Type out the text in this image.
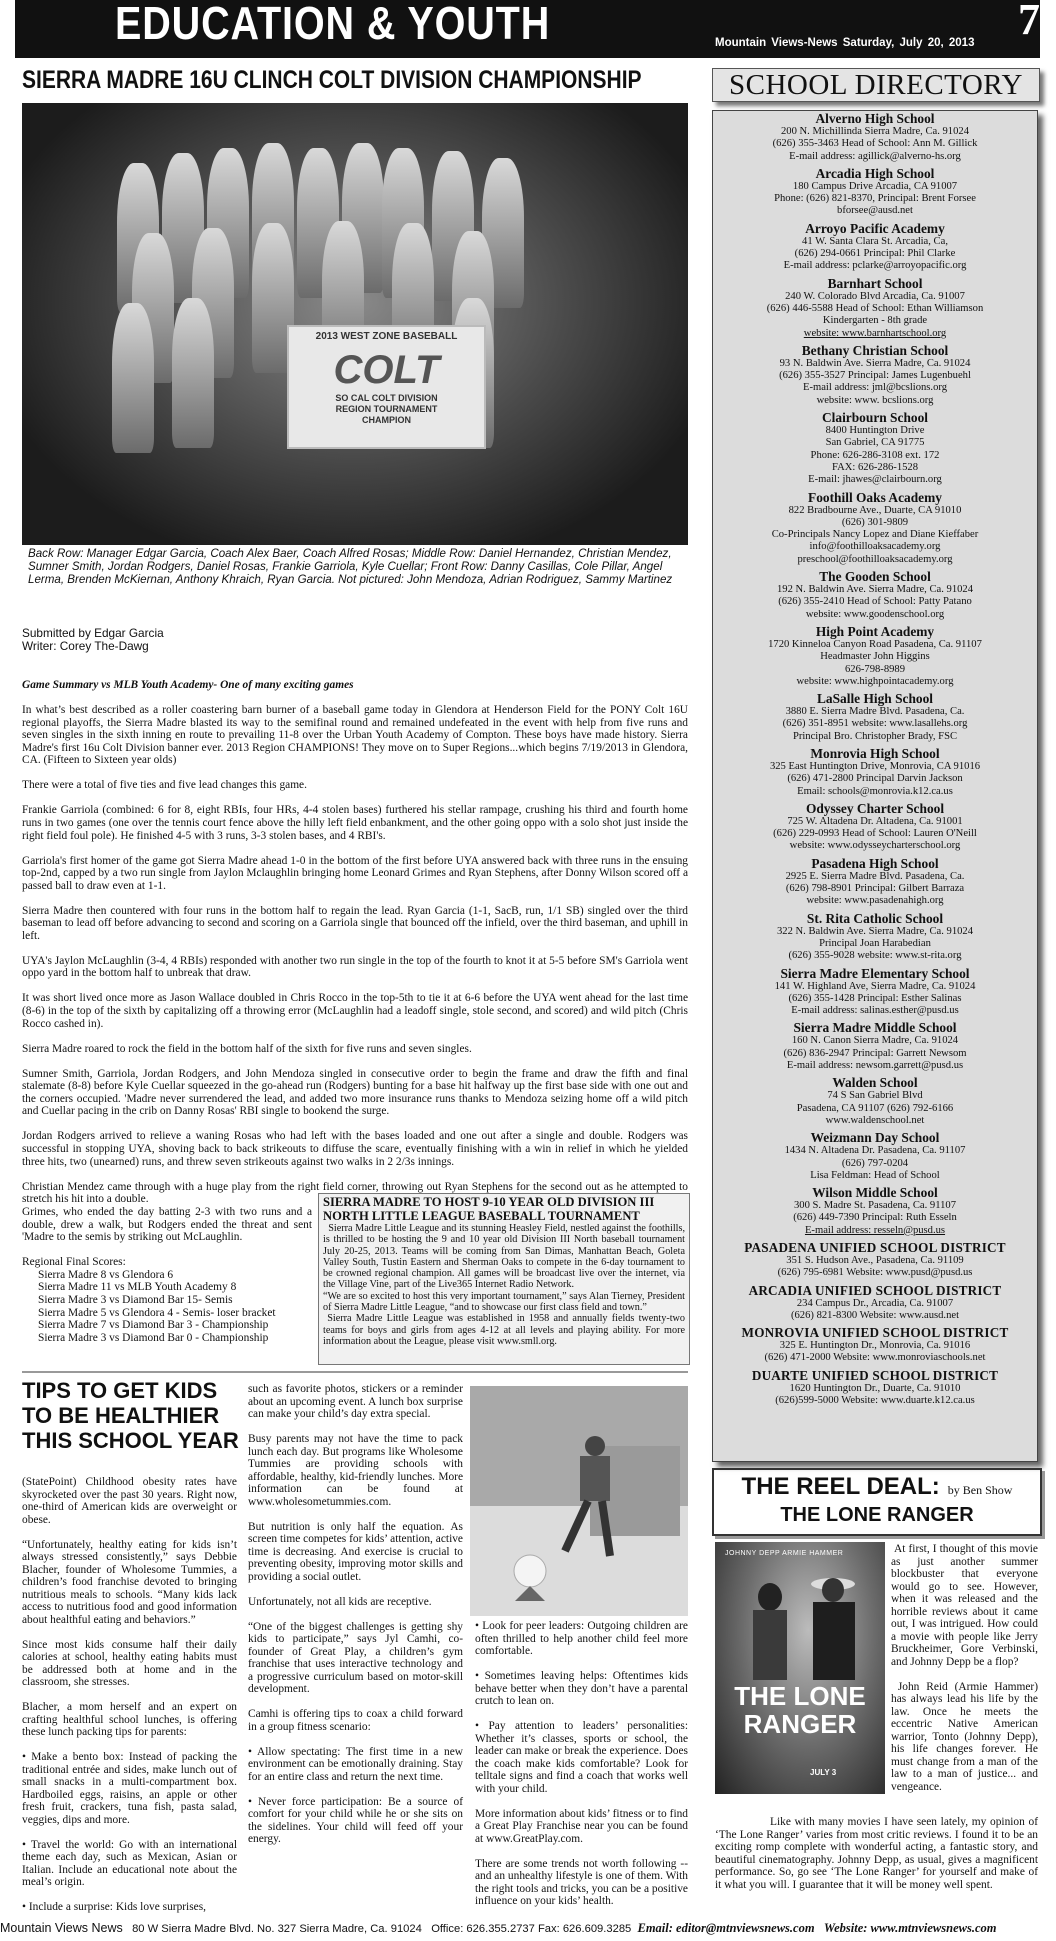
EDUCATION & YOUTH	Mountain Views-News Saturday, July 20, 2013 7
SIERRA MADRE 16U CLINCH COLT DIVISION CHAMPIONSHIP
2013 WEST ZONE BASEBALL
COLT
SO CAL COLT DIVISION
REGION TOURNAMENT
CHAMPION
Back Row: Manager Edgar Garcia, Coach Alex Baer, Coach Alfred Rosas; Middle Row: Daniel Hernandez, Christian Mendez, Sumner Smith, Jordan Rodgers, Daniel Rosas, Frankie Garriola, Kyle Cuellar; Front Row: Danny Casillas, Cole Pillar, Angel Lerma, Brenden McKiernan, Anthony Khraich, Ryan Garcia. Not pictured: John Mendoza, Adrian Rodriguez, Sammy Martinez
Submitted by Edgar Garcia
Writer: Corey The-Dawg

Game Summary vs MLB Youth Academy- One of many exciting games

In what’s best described as a roller coastering barn burner of a baseball game today in Glendora at Henderson Field for the PONY Colt 16U regional playoffs, the Sierra Madre blasted its way to the semifinal round and remained undefeated in the event with help from five runs and seven singles in the sixth inning en route to prevailing 11-8 over the Urban Youth Academy of Compton. These boys have made history. Sierra Madre's first 16u Colt Division banner ever. 2013 Region CHAMPIONS! They move on to Super Regions...which begins 7/19/2013 in Glendora, CA. (Fifteen to Sixteen year olds)

There were a total of five ties and five lead changes this game.

Frankie Garriola (combined: 6 for 8, eight RBIs, four HRs, 4-4 stolen bases) furthered his stellar rampage, crushing his third and fourth home runs in two games (one over the tennis court fence above the hilly left field enbankment, and the other going oppo with a solo shot just inside the right field foul pole). He finished 4-5 with 3 runs, 3-3 stolen bases, and 4 RBI's.

Garriola's first homer of the game got Sierra Madre ahead 1-0 in the bottom of the first before UYA answered back with three runs in the ensuing top-2nd, capped by a two run single from Jaylon Mclaughlin bringing home Leonard Grimes and Ryan Stephens, after Donny Wilson scored off a passed ball to draw even at 1-1.

Sierra Madre then countered with four runs in the bottom half to regain the lead. Ryan Garcia (1-1, SacB, run, 1/1 SB) singled over the third baseman to lead off before advancing to second and scoring on a Garriola single that bounced off the infield, over the third baseman, and uphill in left.

UYA's Jaylon McLaughlin (3-4, 4 RBIs) responded with another two run single in the top of the fourth to knot it at 5-5 before SM's Garriola went oppo yard in the bottom half to unbreak that draw.

It was short lived once more as Jason Wallace doubled in Chris Rocco in the top-5th to tie it at 6-6 before the UYA went ahead for the last time (8-6) in the top of the sixth by capitalizing off a throwing error (McLaughlin had a leadoff single, stole second, and scored) and wild pitch (Chris Rocco cashed in).

Sierra Madre roared to rock the field in the bottom half of the sixth for five runs and seven singles.

Sumner Smith, Garriola, Jordan Rodgers, and John Mendoza singled in consecutive order to begin the frame and draw the fifth and final stalemate (8-8) before Kyle Cuellar squeezed in the go-ahead run (Rodgers) bunting for a base hit halfway up the first base side with one out and the corners occupied. 'Madre never surrendered the lead, and added two more insurance runs thanks to Mendoza seizing home off a wild pitch and Cuellar pacing in the crib on Danny Rosas' RBI single to bookend the surge.

Jordan Rodgers arrived to relieve a waning Rosas who had left with the bases loaded and one out after a single and double. Rodgers was successful in stopping UYA, shoving back to back strikeouts to diffuse the scare, eventually finishing with a win in relief in which he yielded three hits, two (unearned) runs, and threw seven strikeouts against two walks in 2 2/3s innings.

Christian Mendez came through with a huge play from the right field corner, throwing out Ryan Stephens for the second out as he attempted to stretch his hit into a double.

Grimes, who ended the day batting 2-3 with two runs and a double, drew a walk, but Rodgers ended the threat and sent 'Madre to the semis by striking out McLaughlin.

Regional Final Scores:
Sierra Madre 8 vs Glendora 6
Sierra Madre 11 vs MLB Youth Academy 8
Sierra Madre 3 vs Diamond Bar 15- Semis
Sierra Madre 5 vs Glendora 4 - Semis- loser bracket
Sierra Madre 7 vs Diamond Bar 3 - Championship
Sierra Madre 3 vs Diamond Bar 0 - Championship
SIERRA MADRE TO HOST 9-10 YEAR OLD DIVISION III NORTH LITTLE LEAGUE BASEBALL TOURNAMENT

Sierra Madre Little League and its stunning Heasley Field, nestled against the foothills, is thrilled to be hosting the 9 and 10 year old Division III North baseball tournament July 20-25, 2013. Teams will be coming from San Dimas, Manhattan Beach, Goleta Valley South, Tustin Eastern and Sherman Oaks to compete in the 6-day tournament to be crowned regional champion. All games will be broadcast live over the internet, via the Village Vine, part of the Live365 Internet Radio Network.

“We are so excited to host this very important tournament,” says Alan Tierney, President of Sierra Madre Little League, “and to showcase our first class field and town.”

Sierra Madre Little League was established in 1958 and annually fields twenty-two teams for boys and girls from ages 4-12 at all levels and playing ability. For more information about the League, please visit www.smll.org.

SCHOOL DIRECTORY
Alverno High School
200 N. Michillinda Sierra Madre, Ca. 91024
(626) 355-3463 Head of School: Ann M. Gillick
E-mail address: agillick@alverno-hs.org
Arcadia High School
180 Campus Drive Arcadia, CA 91007
Phone: (626) 821-8370, Principal: Brent Forsee
bforsee@ausd.net
Arroyo Pacific Academy
41 W. Santa Clara St. Arcadia, Ca,
(626) 294-0661 Principal: Phil Clarke
E-mail address: pclarke@arroyopacific.org
Barnhart School
240 W. Colorado Blvd Arcadia, Ca. 91007
(626) 446-5588 Head of School: Ethan Williamson
Kindergarten - 8th grade
website: www.barnhartschool.org
Bethany Christian School
93 N. Baldwin Ave. Sierra Madre, Ca. 91024
(626) 355-3527 Principal: James Lugenbuehl
E-mail address: jml@bcslions.org
website: www. bcslions.org
Clairbourn School
8400 Huntington Drive
San Gabriel, CA 91775
Phone: 626-286-3108 ext. 172
FAX: 626-286-1528
E-mail: jhawes@clairbourn.org
Foothill Oaks Academy
822 Bradbourne Ave., Duarte, CA 91010
(626) 301-9809
Co-Principals Nancy Lopez and Diane Kieffaber
info@foothilloaksacademy.org
preschool@foothilloaksacademy.org
The Gooden School
192 N. Baldwin Ave. Sierra Madre, Ca. 91024
(626) 355-2410 Head of School: Patty Patano
website: www.goodenschool.org
High Point Academy
1720 Kinneloa Canyon Road Pasadena, Ca. 91107
Headmaster John Higgins
626-798-8989
website: www.highpointacademy.org
LaSalle High School
3880 E. Sierra Madre Blvd. Pasadena, Ca.
(626) 351-8951 website: www.lasallehs.org
Principal Bro. Christopher Brady, FSC
Monrovia High School
325 East Huntington Drive, Monrovia, CA 91016
(626) 471-2800 Principal Darvin Jackson
Email: schools@monrovia.k12.ca.us
Odyssey Charter School
725 W. Altadena Dr. Altadena, Ca. 91001
(626) 229-0993 Head of School: Lauren O'Neill
website: www.odysseycharterschool.org
Pasadena High School
2925 E. Sierra Madre Blvd. Pasadena, Ca.
(626) 798-8901 Principal: Gilbert Barraza
website: www.pasadenahigh.org
St. Rita Catholic School
322 N. Baldwin Ave. Sierra Madre, Ca. 91024
Principal Joan Harabedian
(626) 355-9028 website: www.st-rita.org
Sierra Madre Elementary School
141 W. Highland Ave, Sierra Madre, Ca. 91024
(626) 355-1428 Principal: Esther Salinas
E-mail address: salinas.esther@pusd.us
Sierra Madre Middle School
160 N. Canon Sierra Madre, Ca. 91024
(626) 836-2947 Principal: Garrett Newsom
E-mail address: newsom.garrett@pusd.us
Walden School
74 S San Gabriel Blvd
Pasadena, CA 91107 (626) 792-6166
www.waldenschool.net
Weizmann Day School
1434 N. Altadena Dr. Pasadena, Ca. 91107
(626) 797-0204
Lisa Feldman: Head of School
Wilson Middle School
300 S. Madre St. Pasadena, Ca. 91107
(626) 449-7390 Principal: Ruth Esseln
E-mail address: resseln@pusd.us
PASADENA UNIFIED SCHOOL DISTRICT
351 S. Hudson Ave., Pasadena, Ca. 91109
(626) 795-6981 Website: www.pusd@pusd.us
ARCADIA UNIFIED SCHOOL DISTRICT
234 Campus Dr., Arcadia, Ca. 91007
(626) 821-8300 Website: www.ausd.net
MONROVIA UNIFIED SCHOOL DISTRICT
325 E. Huntington Dr., Monrovia, Ca. 91016
(626) 471-2000 Website: www.monroviaschools.net
DUARTE UNIFIED SCHOOL DISTRICT
1620 Huntington Dr., Duarte, Ca. 91010
(626)599-5000 Website: www.duarte.k12.ca.us
TIPS TO GET KIDS TO BE HEALTHIER THIS SCHOOL YEAR

(StatePoint) Childhood obesity rates have skyrocketed over the past 30 years. Right now, one-third of American kids are overweight or obese.

“Unfortunately, healthy eating for kids isn’t always stressed consistently,” says Debbie Blacher, founder of Wholesome Tummies, a children’s food franchise devoted to bringing nutritious meals to schools. “Many kids lack access to nutritious food and good information about healthful eating and behaviors.”

Since most kids consume half their daily calories at school, healthy eating habits must be addressed both at home and in the classroom, she stresses.

Blacher, a mom herself and an expert on crafting healthful school lunches, is offering these lunch packing tips for parents:

• Make a bento box: Instead of packing the traditional entrée and sides, make lunch out of small snacks in a multi-compartment box. Hardboiled eggs, raisins, an apple or other fresh fruit, crackers, tuna fish, pasta salad, veggies, dips and more.

• Travel the world: Go with an international theme each day, such as Mexican, Asian or Italian. Include an educational note about the meal’s origin.

• Include a surprise: Kids love surprises,

such as favorite photos, stickers or a reminder about an upcoming event. A lunch box surprise can make your child’s day extra special.

Busy parents may not have the time to pack lunch each day. But programs like Wholesome Tummies are providing schools with affordable, healthy, kid-friendly lunches. More information can be found at www.wholesometummies.com.

But nutrition is only half the equation. As screen time competes for kids’ attention, active time is decreasing. And exercise is crucial to preventing obesity, improving motor skills and providing a social outlet.

Unfortunately, not all kids are receptive.

“One of the biggest challenges is getting shy kids to participate,” says Jyl Camhi, co-founder of Great Play, a children’s gym franchise that uses interactive technology and a progressive curriculum based on motor-skill development.

Camhi is offering tips to coax a child forward in a group fitness scenario:

• Allow spectating: The first time in a new environment can be emotionally draining. Stay for an entire class and return the next time.

• Never force participation: Be a source of comfort for your child while he or she sits on the sidelines. Your child will feed off your energy.

• Look for peer leaders: Outgoing children are often thrilled to help another child feel more comfortable.

• Sometimes leaving helps: Oftentimes kids behave better when they don’t have a parental crutch to lean on.

• Pay attention to leaders’ personalities: Whether it’s classes, sports or school, the leader can make or break the experience. Does the coach make kids comfortable? Look for telltale signs and find a coach that works well with your child.

More information about kids’ fitness or to find a Great Play Franchise near you can be found at www.GreatPlay.com.

There are some trends not worth following -- and an unhealthy lifestyle is one of them. With the right tools and tricks, you can be a positive influence on your kids’ health.

THE REEL DEAL: by Ben Show
THE LONE RANGER
JOHNNY DEPP ARMIE HAMMER
THE LONE RANGER
JULY 3

At first, I thought of this movie as just another summer blockbuster that everyone would go to see. However, when it was released and the horrible reviews about it came out, I was intrigued. How could a movie with people like Jerry Bruckheimer, Gore Verbinski, and Johnny Depp be a flop?

John Reid (Armie Hammer) has always lead his life by the law. Once he meets the eccentric Native American warrior, Tonto (Johnny Depp), his life changes forever. He must change from a man of the law to a man of justice... and vengeance.

Like with many movies I have seen lately, my opinion of ‘The Lone Ranger’ varies from most critic reviews. I found it to be an exciting romp complete with wonderful acting, a fantastic story, and beautiful cinematography. Johnny Depp, as usual, gives a magnificent performance. So, go see ‘The Lone Ranger’ for yourself and make of it what you will. I guarantee that it will be money well spent.

Mountain Views News 80 W Sierra Madre Blvd. No. 327 Sierra Madre, Ca. 91024 Office: 626.355.2737 Fax: 626.609.3285 Email: editor@mtnviewsnews.com Website: www.mtnviewsnews.com
